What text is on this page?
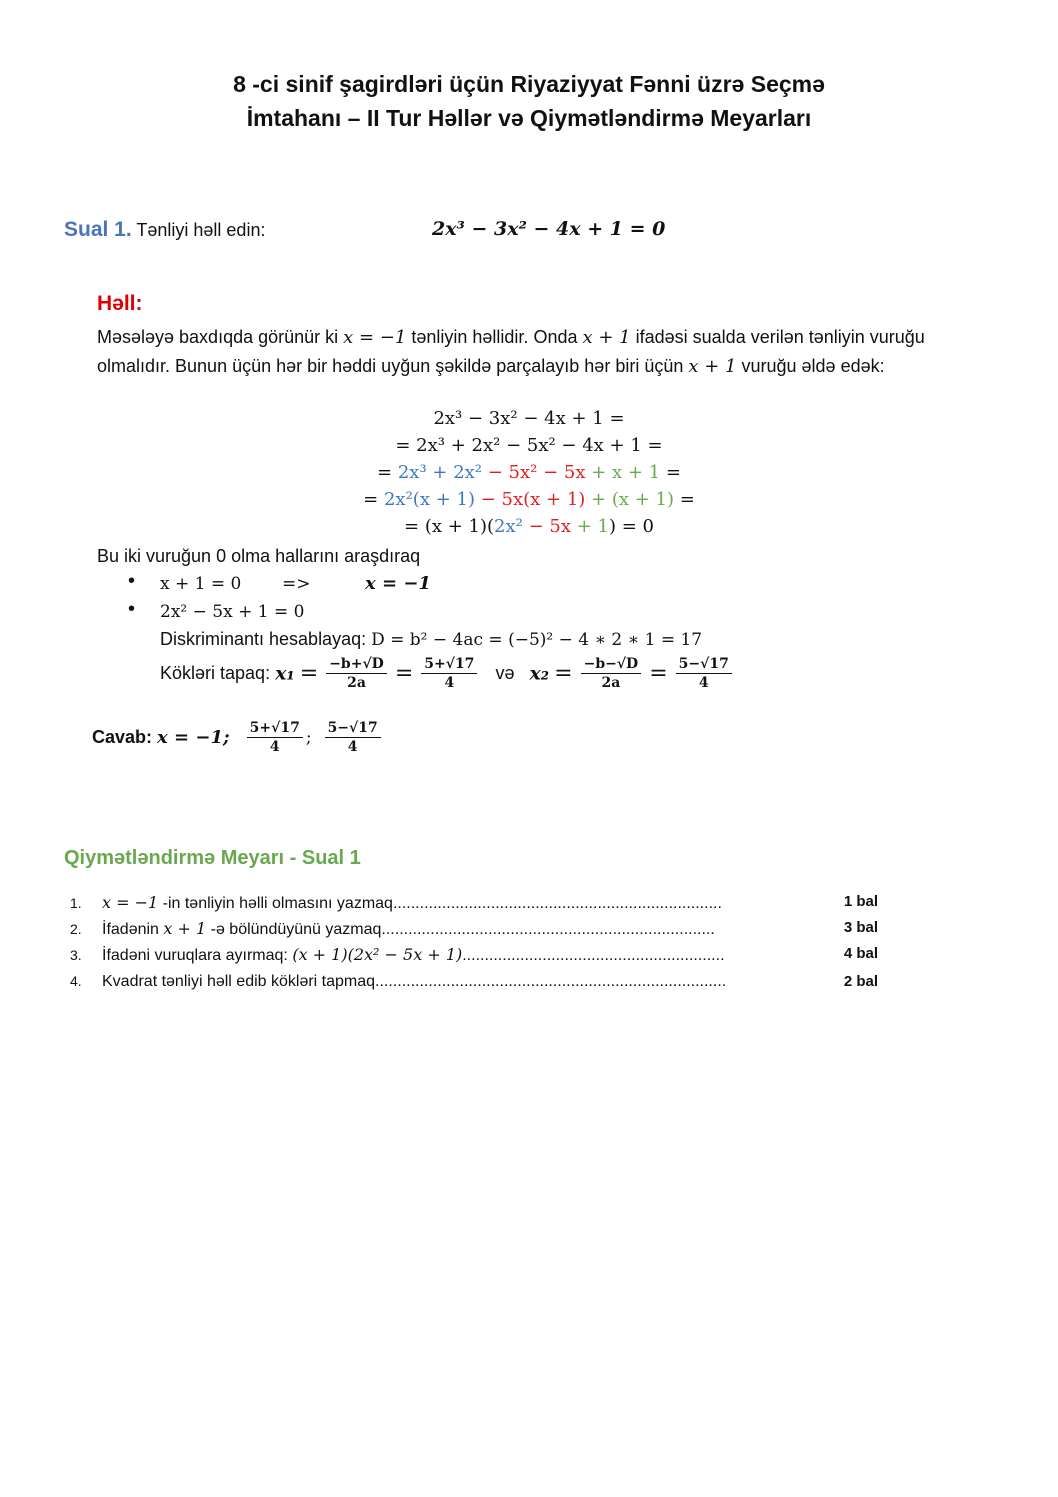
8 -ci sinif şagirdləri üçün Riyaziyyat Fənni üzrə Seçmə
İmtahanı – II Tur Həllər və Qiymətləndirmə Meyarları
Sual 1. Tənliyi həll edin:	2𝒙³ − 3𝒙² − 4𝒙 + 1 = 0
Həll:
Məsələyə baxdıqda görünür ki x = −1 tənliyin həllidir. Onda x + 1 ifadəsi sualda verilən tənliyin vuruğu olmalıdır. Bunun üçün hər bir həddi uyğun şəkildə parçalayıb hər biri üçün x + 1 vuruğu əldə edək:
2x³ − 3x² − 4x + 1 =
= 2x³ + 2x² − 5x² − 4x + 1 =
= 2x³ + 2x² − 5x² − 5x + x + 1 =
= 2x²(x + 1) − 5x(x + 1) + (x + 1) =
= (x + 1)(2x² − 5x + 1) = 0
Bu iki vuruğun 0 olma hallarını araşdıraq
• x + 1 = 0 =>	x = −1
• 2x² − 5x + 1 = 0
Diskriminantı hesablayaq: D = b² − 4ac = (−5)² − 4 ∗ 2 ∗ 1 = 17
Kökləri tapaq: $x_1 = \frac{-b+√D}{2a} = \frac{5+√17}{4}$ və $x_2 = \frac{-b-√D}{2a} = \frac{5-√17}{4}$
Cavab: x = −1; $\frac{5+√17}{4}$ ; $\frac{5-√17}{4}$
Qiymətləndirmə Meyarı - Sual 1
1. x = −1 -in tənliyin həlli olmasını yazmaq..........................................................................	1 bal
2. İfadənin x + 1 -ə bölündüyünü yazmaq...........................................................................	3 bal
3. İfadəni vuruqlara ayırmaq: (x + 1)(2x² − 5x + 1)...........................................................	4 bal
4. Kvadrat tənliyi həll edib kökləri tapmaq...............................................................................	2 bal
